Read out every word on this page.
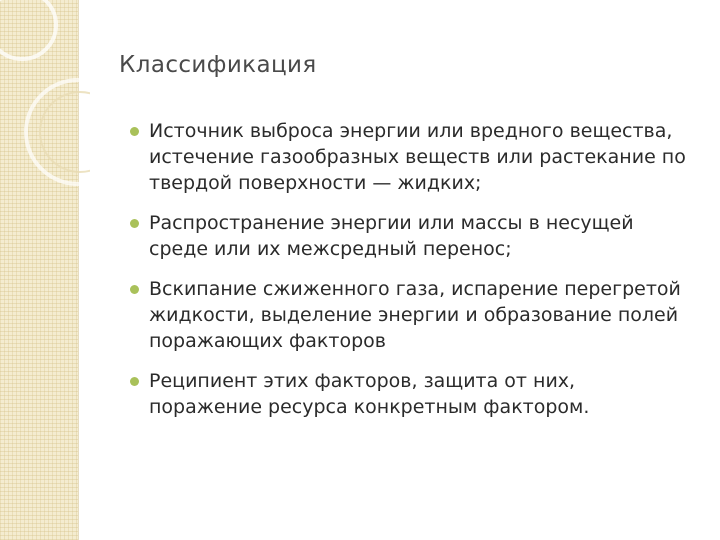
Классификация
Источник выброса энергии или вредного вещества, истечение газообразных веществ или растекание по твердой поверхности — жидких;
Распространение энергии или массы в несущей среде или их межсредный перенос;
Вскипание сжиженного газа, испарение перегретой жидкости, выделение энергии и образование полей поражающих факторов
Реципиент этих факторов, защита от них, поражение ресурса конкретным фактором.
